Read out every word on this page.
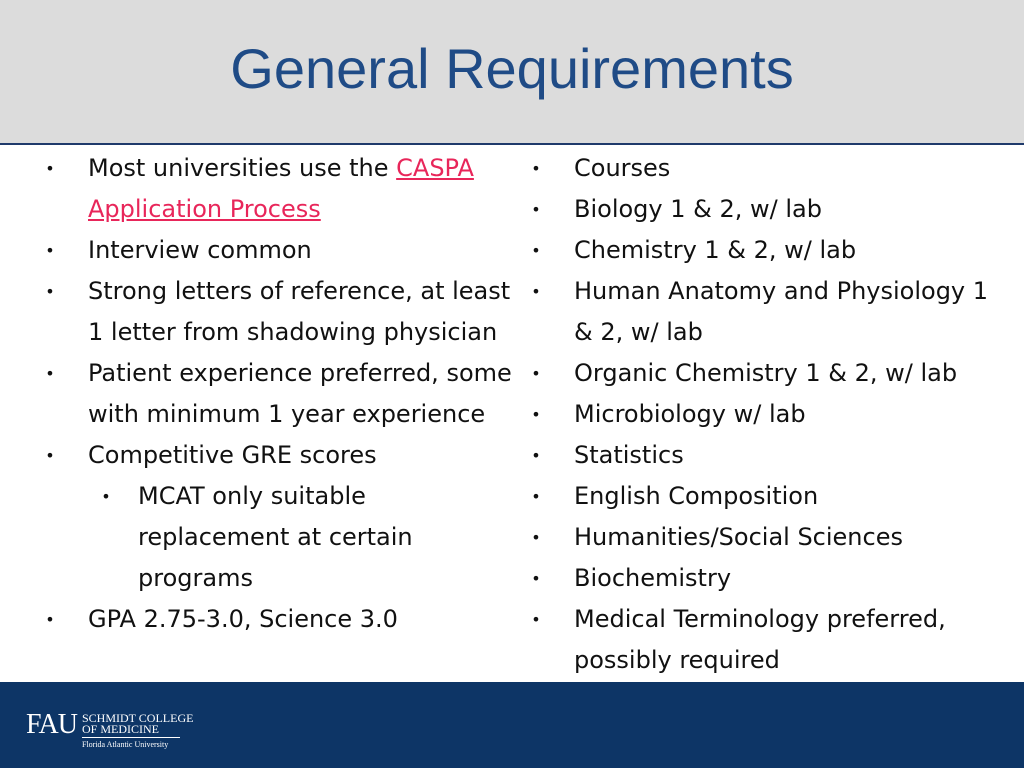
General Requirements
• Most universities use the CASPA
Application Process
• Interview common
• Strong letters of reference, at least 1 letter from shadowing physician
• Patient experience preferred, some with minimum 1 year experience
• Competitive GRE scores
• MCAT only suitable replacement at certain programs
• GPA 2.75-3.0, Science 3.0
• Courses
• Biology 1 & 2, w/ lab
• Chemistry 1 & 2, w/ lab
• Human Anatomy and Physiology 1 & 2, w/ lab
• Organic Chemistry 1 & 2, w/ lab
• Microbiology w/ lab
• Statistics
• English Composition
• Humanities/Social Sciences
• Biochemistry
• Medical Terminology preferred, possibly required
FAU SCHMIDT COLLEGE
OF MEDICINE
Florida Atlantic University
